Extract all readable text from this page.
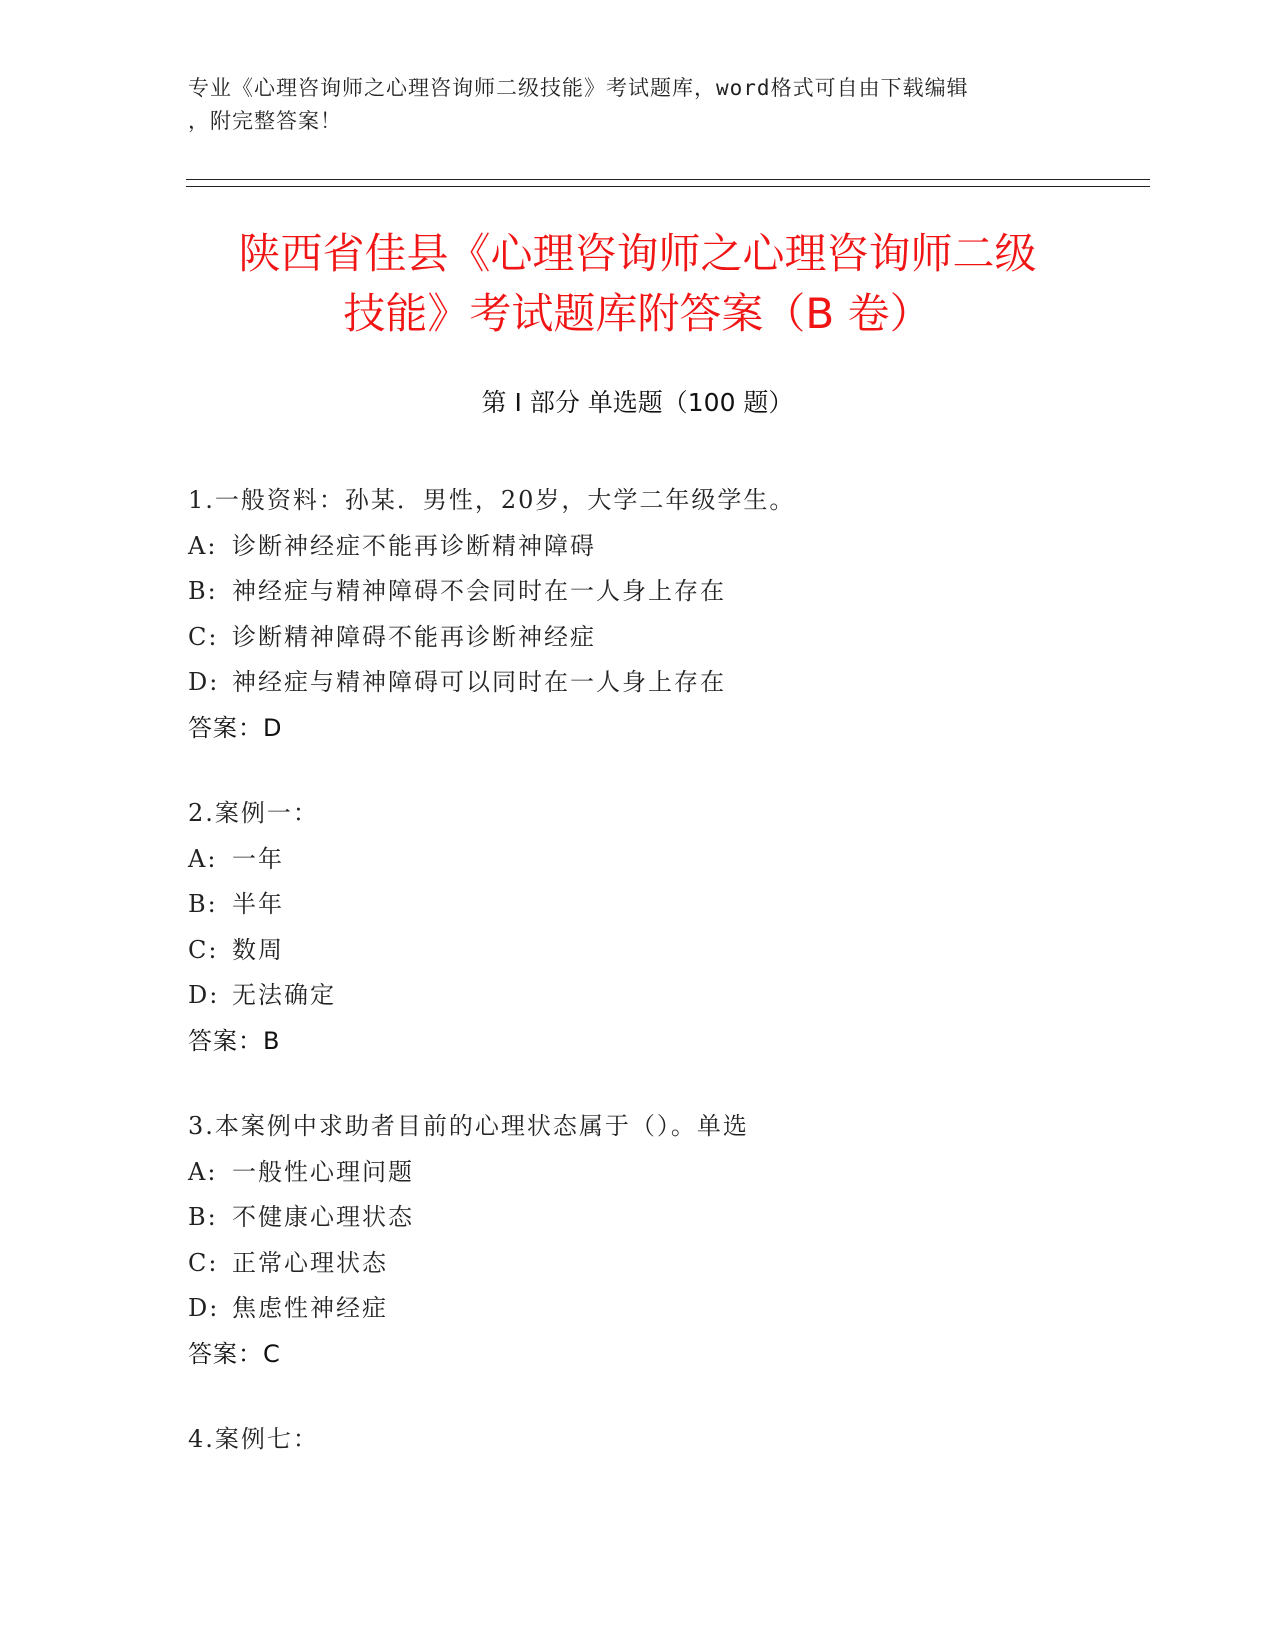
专业《心理咨询师之心理咨询师二级技能》考试题库，word格式可自由下载编辑
，附完整答案！
陕西省佳县《心理咨询师之心理咨询师二级
技能》考试题库附答案（B 卷）
第 I 部分 单选题（100 题）
1.一般资料：孙某．男性，20岁，大学二年级学生。
A: 诊断神经症不能再诊断精神障碍
B: 神经症与精神障碍不会同时在一人身上存在
C: 诊断精神障碍不能再诊断神经症
D: 神经症与精神障碍可以同时在一人身上存在
答案：D
2.案例一：
A: 一年
B: 半年
C: 数周
D: 无法确定
答案：B
3.本案例中求助者目前的心理状态属于（）。单选
A: 一般性心理问题
B: 不健康心理状态
C: 正常心理状态
D: 焦虑性神经症
答案：C
4.案例七：
